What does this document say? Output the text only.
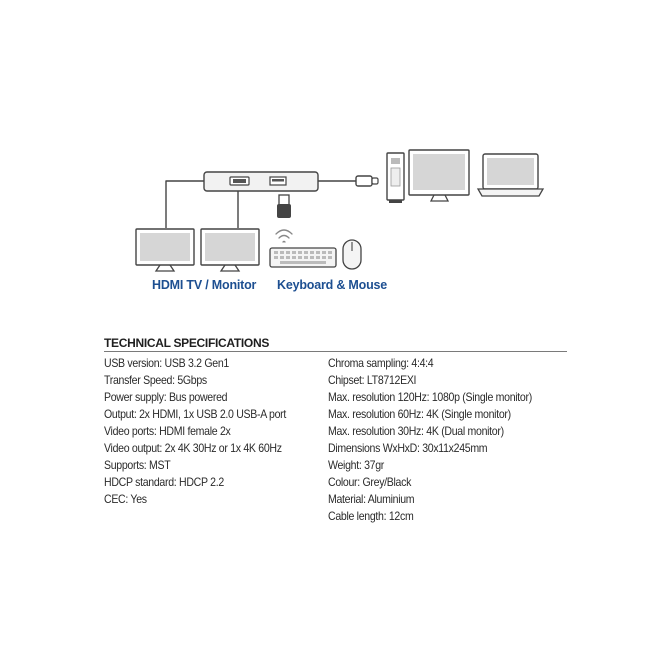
HDMI TV / Monitor Keyboard & Mouse
TECHNICAL SPECIFICATIONS
USB version: USB 3.2 Gen1
Transfer Speed: 5Gbps
Power supply: Bus powered
Output: 2x HDMI, 1x USB 2.0 USB-A port
Video ports: HDMI female 2x
Video output: 2x 4K 30Hz or 1x 4K 60Hz
Supports: MST
HDCP standard: HDCP 2.2
CEC: Yes
Chroma sampling: 4:4:4
Chipset: LT8712EXI
Max. resolution 120Hz: 1080p (Single monitor)
Max. resolution 60Hz: 4K (Single monitor)
Max. resolution 30Hz: 4K (Dual monitor)
Dimensions WxHxD: 30x11x245mm
Weight: 37gr
Colour: Grey/Black
Material: Aluminium
Cable length: 12cm
